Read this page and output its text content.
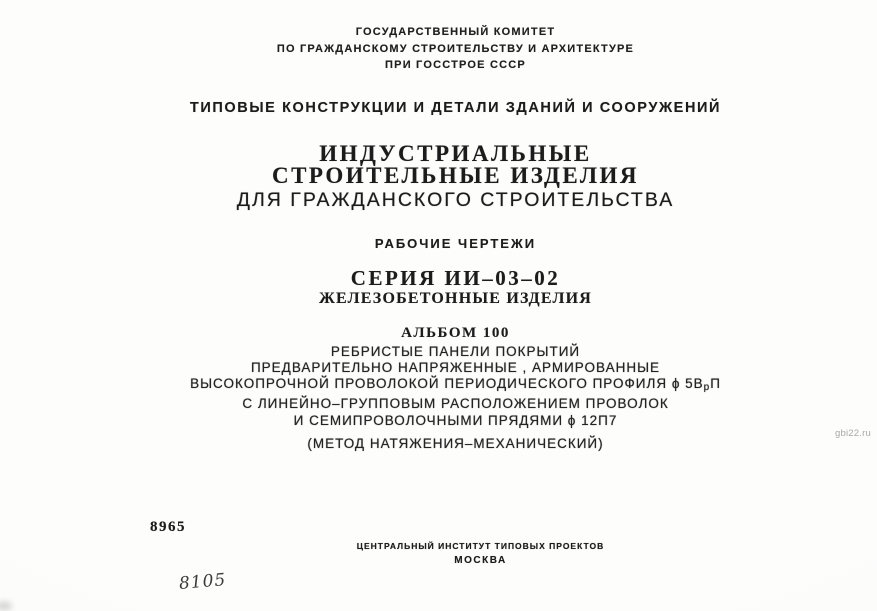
ГОСУДАРСТВЕННЫЙ КОМИТЕТ
ПО ГРАЖДАНСКОМУ СТРОИТЕЛЬСТВУ И АРХИТЕКТУРЕ
ПРИ ГОССТРОЕ СССР
ТИПОВЫЕ КОНСТРУКЦИИ И ДЕТАЛИ ЗДАНИЙ И СООРУЖЕНИЙ
ИНДУСТРИАЛЬНЫЕ
СТРОИТЕЛЬНЫЕ ИЗДЕЛИЯ
ДЛЯ ГРАЖДАНСКОГО СТРОИТЕЛЬСТВА
РАБОЧИЕ ЧЕРТЕЖИ
СЕРИЯ ИИ–03–02
ЖЕЛЕЗОБЕТОННЫЕ ИЗДЕЛИЯ
АЛЬБОМ 100
РЕБРИСТЫЕ ПАНЕЛИ ПОКРЫТИЙ
ПРЕДВАРИТЕЛЬНО НАПРЯЖЕННЫЕ , АРМИРОВАННЫЕ
ВЫСОКОПРОЧНОЙ ПРОВОЛОКОЙ ПЕРИОДИЧЕСКОГО ПРОФИЛЯ ϕ $5В_рП$
С ЛИНЕЙНО–ГРУППОВЫМ РАСПОЛОЖЕНИЕМ ПРОВОЛОК
И СЕМИПРОВОЛОЧНЫМИ ПРЯДЯМИ ϕ 12П7
(МЕТОД НАТЯЖЕНИЯ–МЕХАНИЧЕСКИЙ)
8965
ЦЕНТРАЛЬНЫЙ ИНСТИТУТ ТИПОВЫХ ПРОЕКТОВ
МОСКВА
8105
gbi22.ru
